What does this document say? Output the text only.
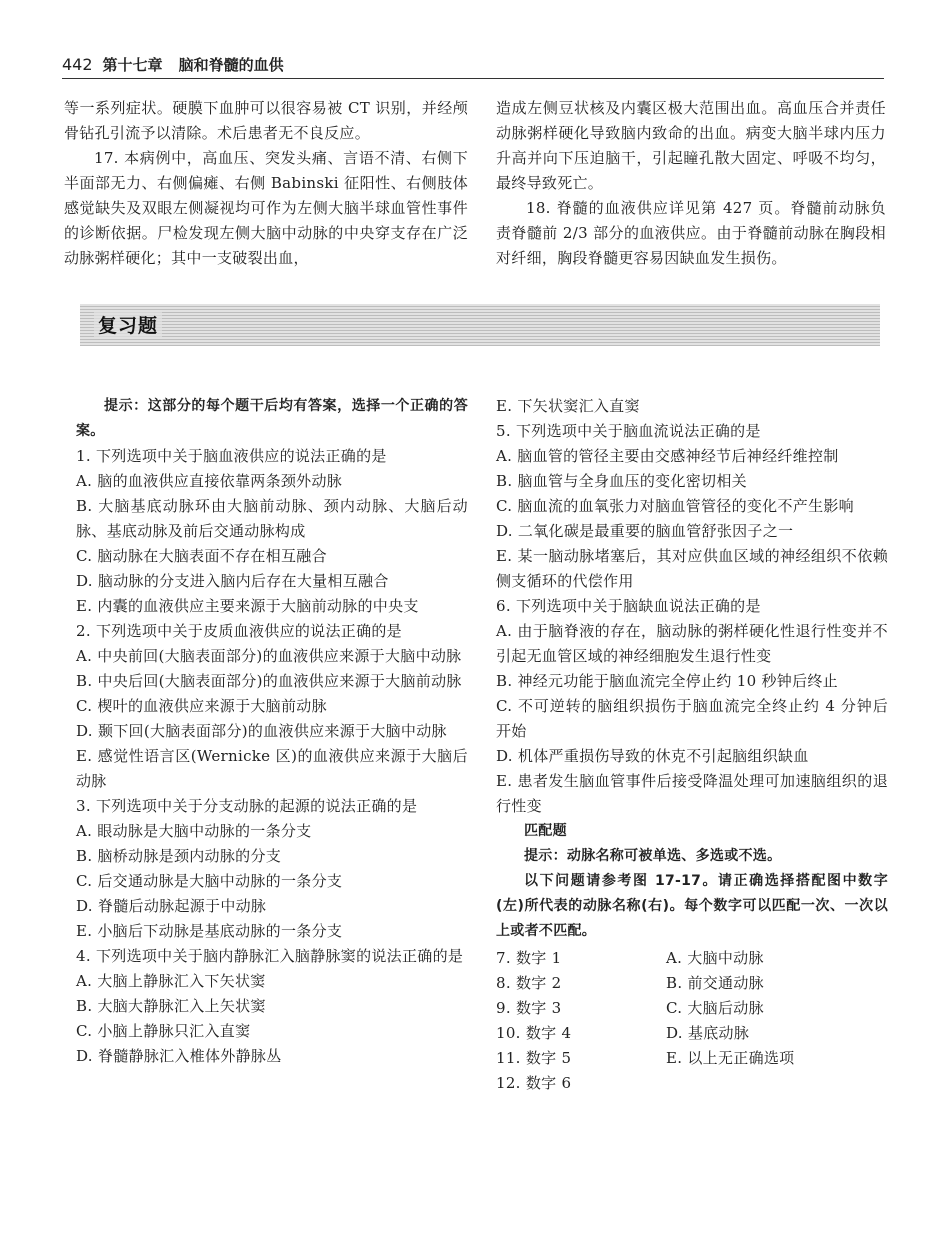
442 第十七章 脑和脊髓的血供

等一系列症状。硬膜下血肿可以很容易被 CT 识别，并经颅骨钻孔引流予以清除。术后患者无不良反应。

17. 本病例中，高血压、突发头痛、言语不清、右侧下半面部无力、右侧偏瘫、右侧 Babinski 征阳性、右侧肢体感觉缺失及双眼左侧凝视均可作为左侧大脑半球血管性事件的诊断依据。尸检发现左侧大脑中动脉的中央穿支存在广泛动脉粥样硬化；其中一支破裂出血，

造成左侧豆状核及内囊区极大范围出血。高血压合并责任动脉粥样硬化导致脑内致命的出血。病变大脑半球内压力升高并向下压迫脑干，引起瞳孔散大固定、呼吸不均匀，最终导致死亡。

18. 脊髓的血液供应详见第 427 页。脊髓前动脉负责脊髓前 2/3 部分的血液供应。由于脊髓前动脉在胸段相对纤细，胸段脊髓更容易因缺血发生损伤。

复习题

提示：这部分的每个题干后均有答案，选择一个正确的答案。

1. 下列选项中关于脑血液供应的说法正确的是

A. 脑的血液供应直接依靠两条颈外动脉

B. 大脑基底动脉环由大脑前动脉、颈内动脉、大脑后动脉、基底动脉及前后交通动脉构成

C. 脑动脉在大脑表面不存在相互融合

D. 脑动脉的分支进入脑内后存在大量相互融合

E. 内囊的血液供应主要来源于大脑前动脉的中央支

2. 下列选项中关于皮质血液供应的说法正确的是

A. 中央前回(大脑表面部分)的血液供应来源于大脑中动脉

B. 中央后回(大脑表面部分)的血液供应来源于大脑前动脉

C. 楔叶的血液供应来源于大脑前动脉

D. 颞下回(大脑表面部分)的血液供应来源于大脑中动脉

E. 感觉性语言区(Wernicke 区)的血液供应来源于大脑后动脉

3. 下列选项中关于分支动脉的起源的说法正确的是

A. 眼动脉是大脑中动脉的一条分支

B. 脑桥动脉是颈内动脉的分支

C. 后交通动脉是大脑中动脉的一条分支

D. 脊髓后动脉起源于中动脉

E. 小脑后下动脉是基底动脉的一条分支

4. 下列选项中关于脑内静脉汇入脑静脉窦的说法正确的是

A. 大脑上静脉汇入下矢状窦

B. 大脑大静脉汇入上矢状窦

C. 小脑上静脉只汇入直窦

D. 脊髓静脉汇入椎体外静脉丛

E. 下矢状窦汇入直窦

5. 下列选项中关于脑血流说法正确的是

A. 脑血管的管径主要由交感神经节后神经纤维控制

B. 脑血管与全身血压的变化密切相关

C. 脑血流的血氧张力对脑血管管径的变化不产生影响

D. 二氧化碳是最重要的脑血管舒张因子之一

E. 某一脑动脉堵塞后，其对应供血区域的神经组织不依赖侧支循环的代偿作用

6. 下列选项中关于脑缺血说法正确的是

A. 由于脑脊液的存在，脑动脉的粥样硬化性退行性变并不引起无血管区域的神经细胞发生退行性变

B. 神经元功能于脑血流完全停止约 10 秒钟后终止

C. 不可逆转的脑组织损伤于脑血流完全终止约 4 分钟后开始

D. 机体严重损伤导致的休克不引起脑组织缺血

E. 患者发生脑血管事件后接受降温处理可加速脑组织的退行性变

匹配题

提示：动脉名称可被单选、多选或不选。

以下问题请参考图 17-17。请正确选择搭配图中数字(左)所代表的动脉名称(右)。每个数字可以匹配一次、一次以上或者不匹配。

7. 数字 1	A. 大脑中动脉
8. 数字 2	B. 前交通动脉
9. 数字 3	C. 大脑后动脉
10. 数字 4	D. 基底动脉
11. 数字 5	E. 以上无正确选项
12. 数字 6
